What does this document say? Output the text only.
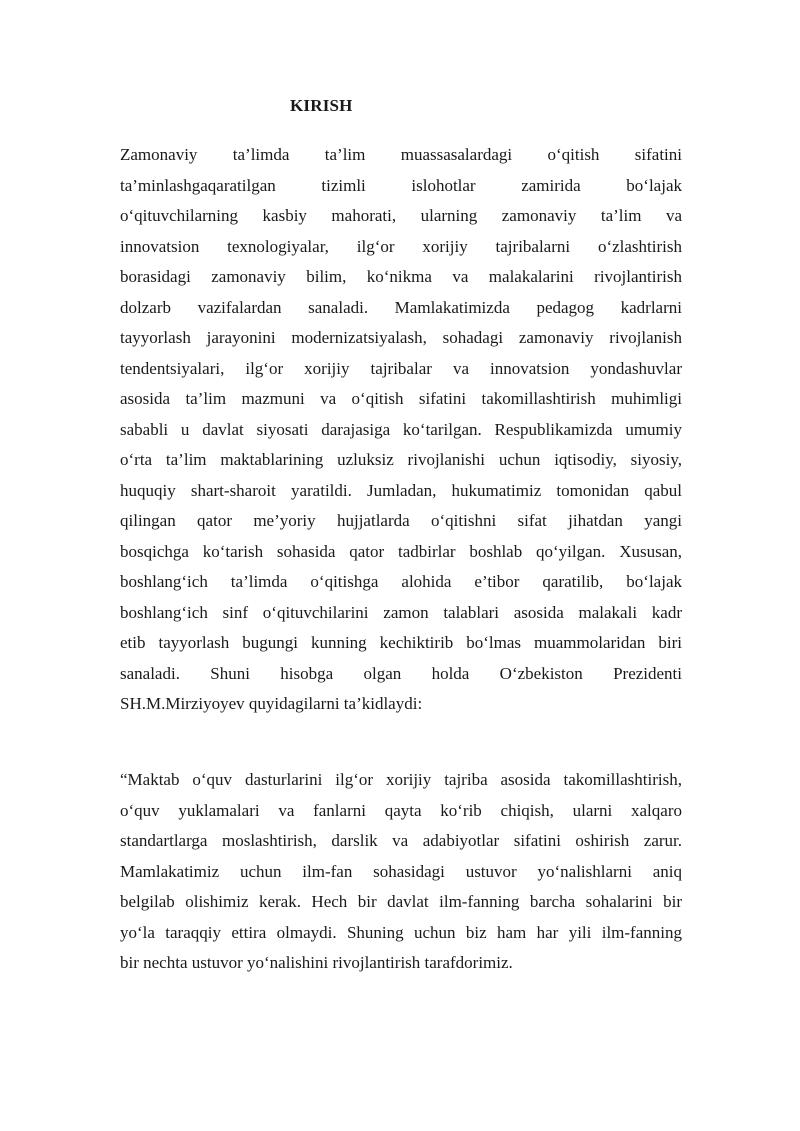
KIRISH
Zamonaviy ta’limda ta’lim muassasalardagi o‘qitish sifatini
ta’minlashgaqaratilgan tizimli islohotlar zamirida bo‘lajak
o‘qituvchilarning kasbiy mahorati, ularning zamonaviy ta’lim va
innovatsion texnologiyalar, ilg‘or xorijiy tajribalarni o‘zlashtirish
borasidagi zamonaviy bilim, ko‘nikma va malakalarini rivojlantirish
dolzarb vazifalardan sanaladi. Mamlakatimizda pedagog kadrlarni
tayyorlash jarayonini modernizatsiyalash, sohadagi zamonaviy rivojlanish
tendentsiyalari, ilg‘or xorijiy tajribalar va innovatsion yondashuvlar
asosida ta’lim mazmuni va o‘qitish sifatini takomillashtirish muhimligi
sababli u davlat siyosati darajasiga ko‘tarilgan. Respublikamizda umumiy
o‘rta ta’lim maktablarining uzluksiz rivojlanishi uchun iqtisodiy, siyosiy,
huquqiy shart-sharoit yaratildi. Jumladan, hukumatimiz tomonidan qabul
qilingan qator me’yoriy hujjatlarda o‘qitishni sifat jihatdan yangi
bosqichga ko‘tarish sohasida qator tadbirlar boshlab qo‘yilgan. Xususan,
boshlang‘ich ta’limda o‘qitishga alohida e’tibor qaratilib, bo‘lajak
boshlang‘ich sinf o‘qituvchilarini zamon talablari asosida malakali kadr
etib tayyorlash bugungi kunning kechiktirib bo‘lmas muammolaridan biri
sanaladi. Shuni hisobga olgan holda O‘zbekiston Prezidenti
SH.M.Mirziyoyev quyidagilarni ta’kidlaydi:
“Maktab o‘quv dasturlarini ilg‘or xorijiy tajriba asosida takomillashtirish,
o‘quv yuklamalari va fanlarni qayta ko‘rib chiqish, ularni xalqaro
standartlarga moslashtirish, darslik va adabiyotlar sifatini oshirish zarur.
Mamlakatimiz uchun ilm-fan sohasidagi ustuvor yo‘nalishlarni aniq
belgilab olishimiz kerak. Hech bir davlat ilm-fanning barcha sohalarini bir
yo‘la taraqqiy ettira olmaydi. Shuning uchun biz ham har yili ilm-fanning
bir nechta ustuvor yo‘nalishini rivojlantirish tarafdorimiz.
